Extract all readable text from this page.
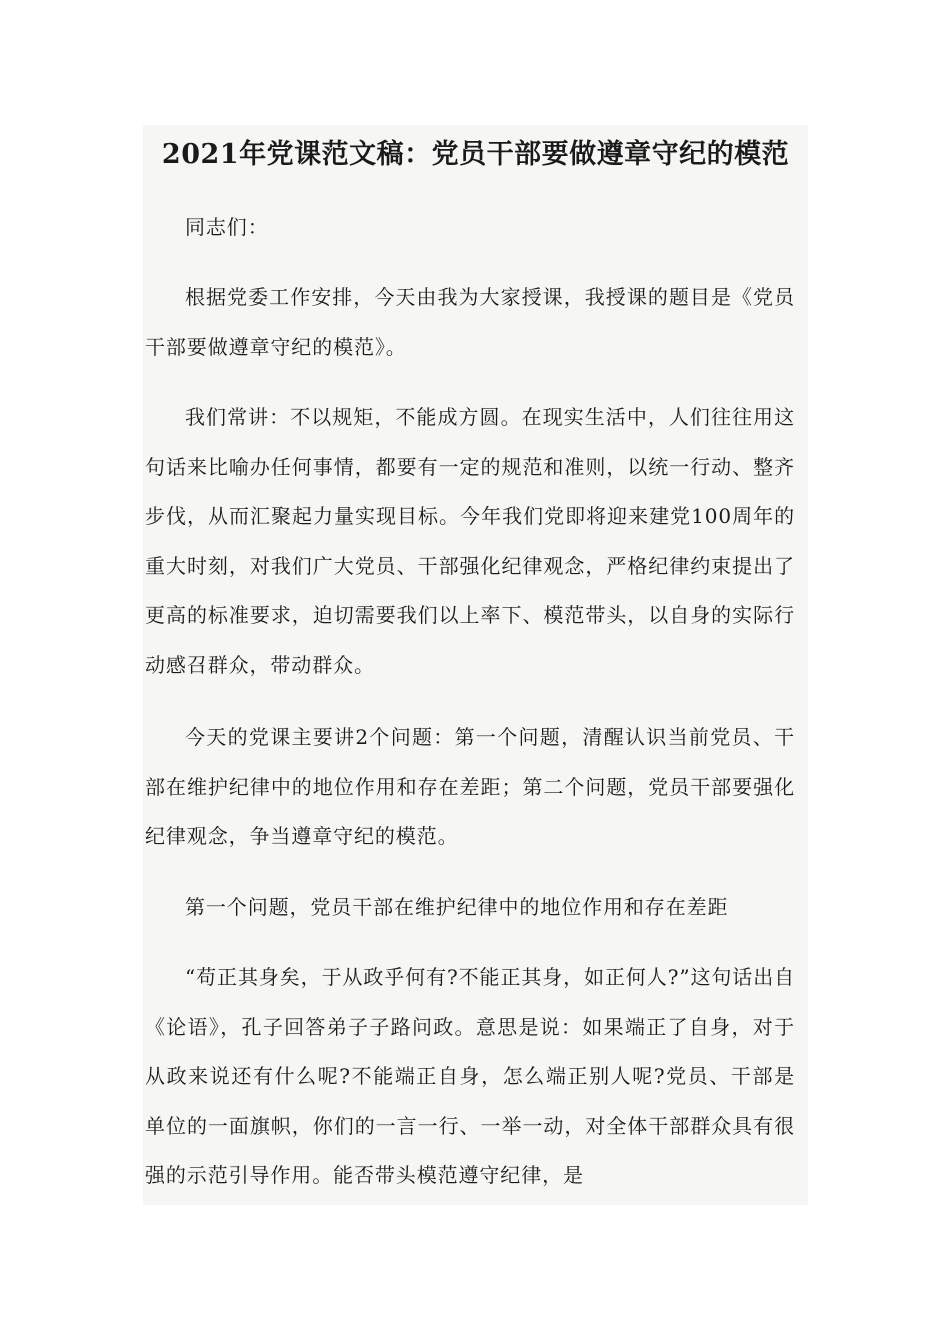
2021年党课范文稿：党员干部要做遵章守纪的模范

同志们：

根据党委工作安排，今天由我为大家授课，我授课的题目是《党员干部要做遵章守纪的模范》。

我们常讲：不以规矩，不能成方圆。在现实生活中，人们往往用这句话来比喻办任何事情，都要有一定的规范和准则，以统一行动、整齐步伐，从而汇聚起力量实现目标。今年我们党即将迎来建党100周年的重大时刻，对我们广大党员、干部强化纪律观念，严格纪律约束提出了更高的标准要求，迫切需要我们以上率下、模范带头，以自身的实际行动感召群众，带动群众。

今天的党课主要讲2个问题：第一个问题，清醒认识当前党员、干部在维护纪律中的地位作用和存在差距；第二个问题，党员干部要强化纪律观念，争当遵章守纪的模范。

第一个问题，党员干部在维护纪律中的地位作用和存在差距

“苟正其身矣，于从政乎何有?不能正其身，如正何人?”这句话出自《论语》，孔子回答弟子子路问政。意思是说：如果端正了自身，对于从政来说还有什么呢?不能端正自身，怎么端正别人呢?党员、干部是单位的一面旗帜，你们的一言一行、一举一动，对全体干部群众具有很强的示范引导作用。能否带头模范遵守纪律，是
